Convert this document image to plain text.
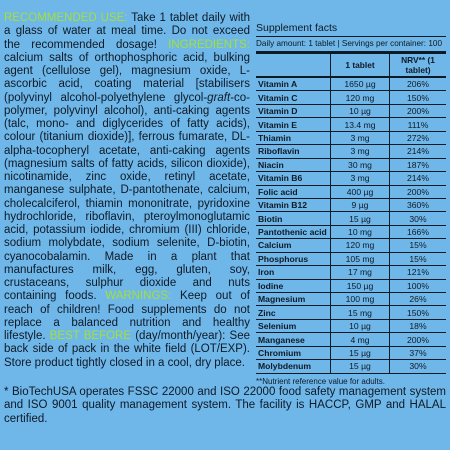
RECOMMENDED USE: Take 1 tablet daily with a glass of water at meal time. Do not exceed the recommended dosage! INGREDIENTS: calcium salts of orthophosphoric acid, bulking agent (cellulose gel), magnesium oxide, L-ascorbic acid, coating material [stabilisers (polyvinyl alcohol-polyethylene glycol-graft-co-polymer, polyvinyl alcohol), anti-caking agents (talc, mono- and diglycerides of fatty acids), colour (titanium dioxide)], ferrous fumarate, DL-alpha-tocopheryl acetate, anti-caking agents (magnesium salts of fatty acids, silicon dioxide), nicotinamide, zinc oxide, retinyl acetate, manganese sulphate, D-pantothenate, calcium, cholecalciferol, thiamin mononitrate, pyridoxine hydrochloride, riboflavin, pteroylmonoglutamic acid, potassium iodide, chromium (III) chloride, sodium molybdate, sodium selenite, D-biotin, cyanocobalamin. Made in a plant that manufactures milk, egg, gluten, soy, crustaceans, sulphur dioxide and nuts containing foods. WARNINGS: Keep out of reach of children! Food supplements do not replace a balanced nutrition and healthy lifestyle. BEST BEFORE (day/month/year): See back side of pack in the white field (LOT/EXP). Store product tightly closed in a cool, dry place.

Supplement facts
Daily amount: 1 tablet | Servings per container: 100
	1 tablet	NRV** (1 tablet)
Vitamin A	1650 µg	206%
Vitamin C	120 mg	150%
Vitamin D	10 µg	200%
Vitamin E	13.4 mg	111%
Thiamin	3 mg	272%
Riboflavin	3 mg	214%
Niacin	30 mg	187%
Vitamin B6	3 mg	214%
Folic acid	400 µg	200%
Vitamin B12	9 µg	360%
Biotin	15 µg	30%
Pantothenic acid	10 mg	166%
Calcium	120 mg	15%
Phosphorus	105 mg	15%
Iron	17 mg	121%
Iodine	150 µg	100%
Magnesium	100 mg	26%
Zinc	15 mg	150%
Selenium	10 µg	18%
Manganese	4 mg	200%
Chromium	15 µg	37%
Molybdenum	15 µg	30%
**Nutrient reference value for adults.

* BioTechUSA operates FSSC 22000 and ISO 22000 food safety management system and ISO 9001 quality management system. The facility is HACCP, GMP and HALAL certified.
